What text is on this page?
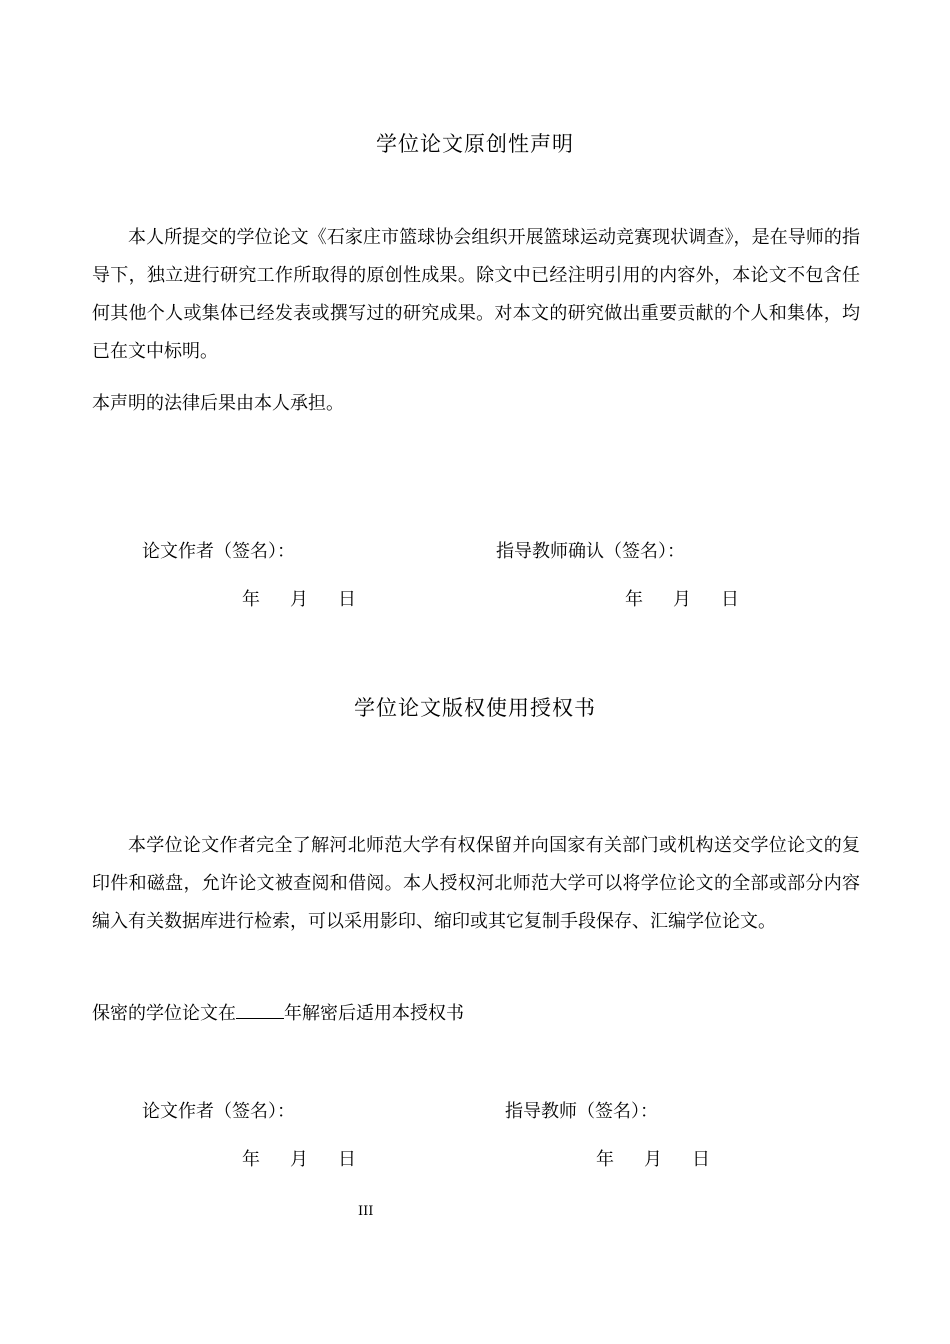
学位论文原创性声明

本人所提交的学位论文《石家庄市篮球协会组织开展篮球运动竞赛现状调查》，是在导师的指导下，独立进行研究工作所取得的原创性成果。除文中已经注明引用的内容外，本论文不包含任何其他个人或集体已经发表或撰写过的研究成果。对本文的研究做出重要贡献的个人和集体，均已在文中标明。

本声明的法律后果由本人承担。

论文作者（签名）：	指导教师确认（签名）：
年 月 日	年 月 日
学位论文版权使用授权书

本学位论文作者完全了解河北师范大学有权保留并向国家有关部门或机构送交学位论文的复印件和磁盘，允许论文被查阅和借阅。本人授权河北师范大学可以将学位论文的全部或部分内容编入有关数据库进行检索，可以采用影印、缩印或其它复制手段保存、汇编学位论文。

保密的学位论文在	年解密后适用本授权书

论文作者（签名）：	指导教师（签名）：
年 月 日	年 月 日
III
